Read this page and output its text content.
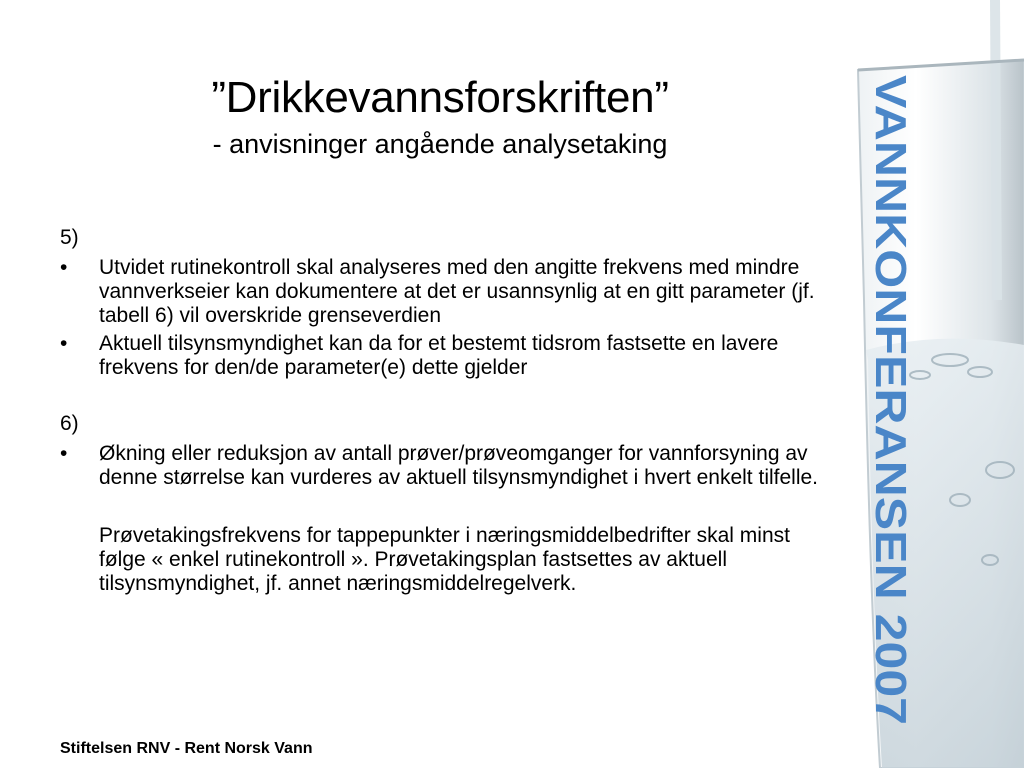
”Drikkevannsforskriften”
- anvisninger angående analysetaking

5)

•	Utvidet rutinekontroll skal analyseres med den angitte frekvens med mindre vannverkseier kan dokumentere at det er usannsynlig at en gitt parameter (jf. tabell 6) vil overskride grenseverdien
•	Aktuell tilsynsmyndighet kan da for et bestemt tidsrom fastsette en lavere frekvens for den/de parameter(e) dette gjelder

6)

•	Økning eller reduksjon av antall prøver/prøveomganger for vannforsyning av denne størrelse kan vurderes av aktuell tilsynsmyndighet i hvert enkelt tilfelle.

Prøvetakingsfrekvens for tappepunkter i næringsmiddelbedrifter skal minst følge « enkel rutinekontroll ». Prøvetakingsplan fastsettes av aktuell tilsynsmyndighet, jf. annet næringsmiddelregelverk.

Stiftelsen RNV - Rent Norsk Vann
VANNKONFERANSEN 2007
